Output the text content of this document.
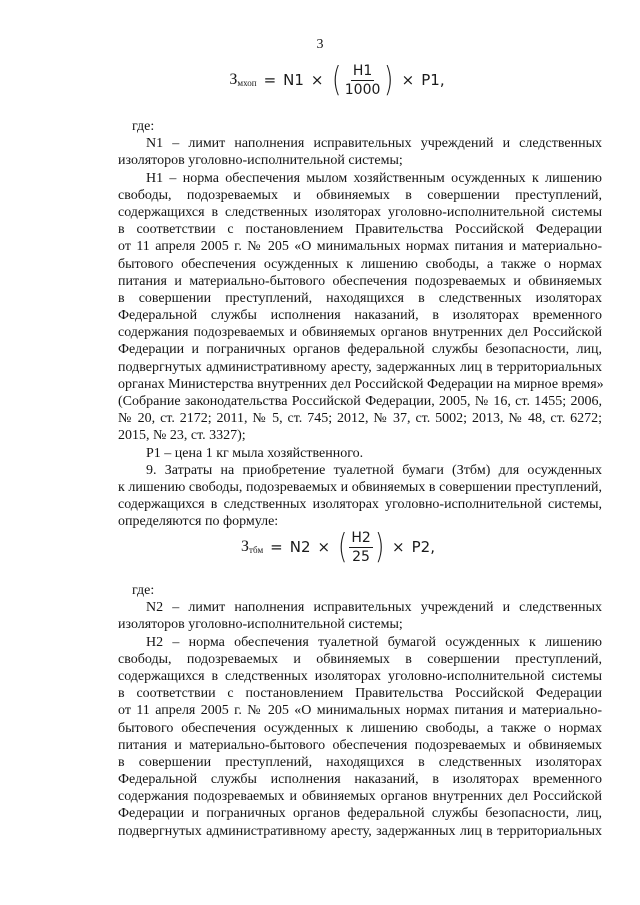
3
$З_{мхоп} = N1$ × ( $\frac{H1}{1000}$ ) × P1,
где:
N1 – лимит наполнения исправительных учреждений и следственных
изоляторов уголовно-исполнительной системы;
Н1 – норма обеспечения мылом хозяйственным осужденных к лишению
свободы, подозреваемых и обвиняемых в совершении преступлений,
содержащихся в следственных изоляторах уголовно-исполнительной системы
в соответствии с постановлением Правительства Российской Федерации
от 11 апреля 2005 г. № 205 «О минимальных нормах питания и материально-
бытового обеспечения осужденных к лишению свободы, а также о нормах
питания и материально-бытового обеспечения подозреваемых и обвиняемых
в совершении преступлений, находящихся в следственных изоляторах
Федеральной службы исполнения наказаний, в изоляторах временного
содержания подозреваемых и обвиняемых органов внутренних дел Российской
Федерации и пограничных органов федеральной службы безопасности, лиц,
подвергнутых административному аресту, задержанных лиц в территориальных
органах Министерства внутренних дел Российской Федерации на мирное время»
(Собрание законодательства Российской Федерации, 2005, № 16, ст. 1455; 2006,
№ 20, ст. 2172; 2011, № 5, ст. 745; 2012, № 37, ст. 5002; 2013, № 48, ст. 6272;
2015, № 23, ст. 3327);
Р1 – цена 1 кг мыла хозяйственного.
9. Затраты на приобретение туалетной бумаги (Зтбм) для осужденных
к лишению свободы, подозреваемых и обвиняемых в совершении преступлений,
содержащихся в следственных изоляторах уголовно-исполнительной системы,
определяются по формуле:
$З_{тбм} = N2$ × ( $\frac{H2}{25}$ ) × P2,
где:
N2 – лимит наполнения исправительных учреждений и следственных
изоляторов уголовно-исполнительной системы;
Н2 – норма обеспечения туалетной бумагой осужденных к лишению
свободы, подозреваемых и обвиняемых в совершении преступлений,
содержащихся в следственных изоляторах уголовно-исполнительной системы
в соответствии с постановлением Правительства Российской Федерации
от 11 апреля 2005 г. № 205 «О минимальных нормах питания и материально-
бытового обеспечения осужденных к лишению свободы, а также о нормах
питания и материально-бытового обеспечения подозреваемых и обвиняемых
в совершении преступлений, находящихся в следственных изоляторах
Федеральной службы исполнения наказаний, в изоляторах временного
содержания подозреваемых и обвиняемых органов внутренних дел Российской
Федерации и пограничных органов федеральной службы безопасности, лиц,
подвергнутых административному аресту, задержанных лиц в территориальных
